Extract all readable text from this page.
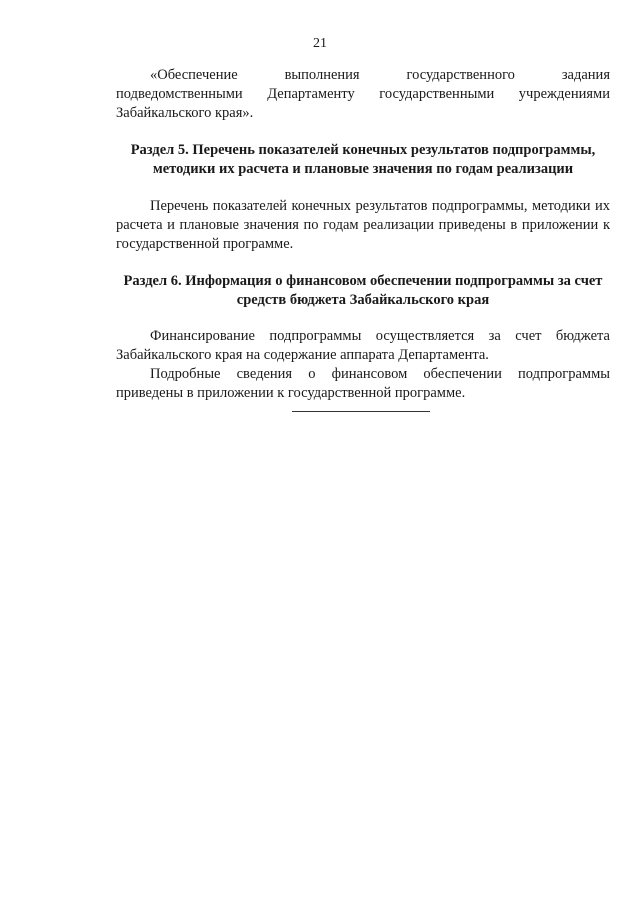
21

«Обеспечение выполнения государственного задания подведомственными Департаменту государственными учреждениями Забайкальского края».

Раздел 5. Перечень показателей конечных результатов подпрограммы, методики их расчета и плановые значения по годам реализации

Перечень показателей конечных результатов подпрограммы, методики их расчета и плановые значения по годам реализации приведены в приложении к государственной программе.

Раздел 6. Информация о финансовом обеспечении подпрограммы за счет средств бюджета Забайкальского края

Финансирование подпрограммы осуществляется за счет бюджета Забайкальского края на содержание аппарата Департамента.

Подробные сведения о финансовом обеспечении подпрограммы приведены в приложении к государственной программе.
